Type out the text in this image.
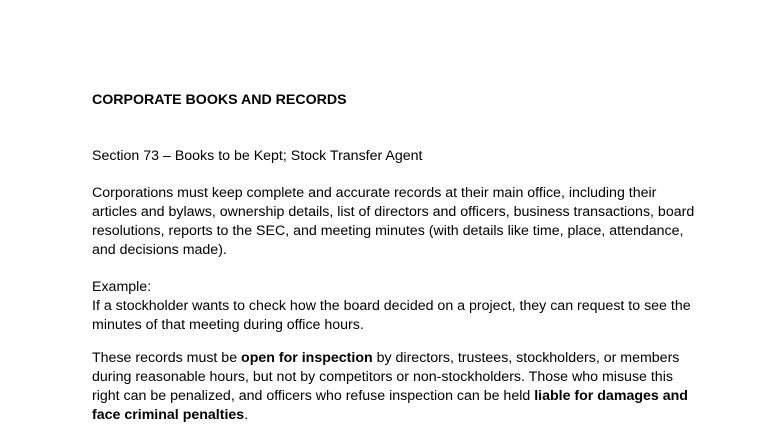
CORPORATE BOOKS AND RECORDS
Section 73 – Books to be Kept; Stock Transfer Agent
Corporations must keep complete and accurate records at their main office, including their
articles and bylaws, ownership details, list of directors and officers, business transactions, board
resolutions, reports to the SEC, and meeting minutes (with details like time, place, attendance,
and decisions made).
Example:
If a stockholder wants to check how the board decided on a project, they can request to see the
minutes of that meeting during office hours.
These records must be open for inspection by directors, trustees, stockholders, or members
during reasonable hours, but not by competitors or non-stockholders. Those who misuse this
right can be penalized, and officers who refuse inspection can be held liable for damages and
face criminal penalties.
